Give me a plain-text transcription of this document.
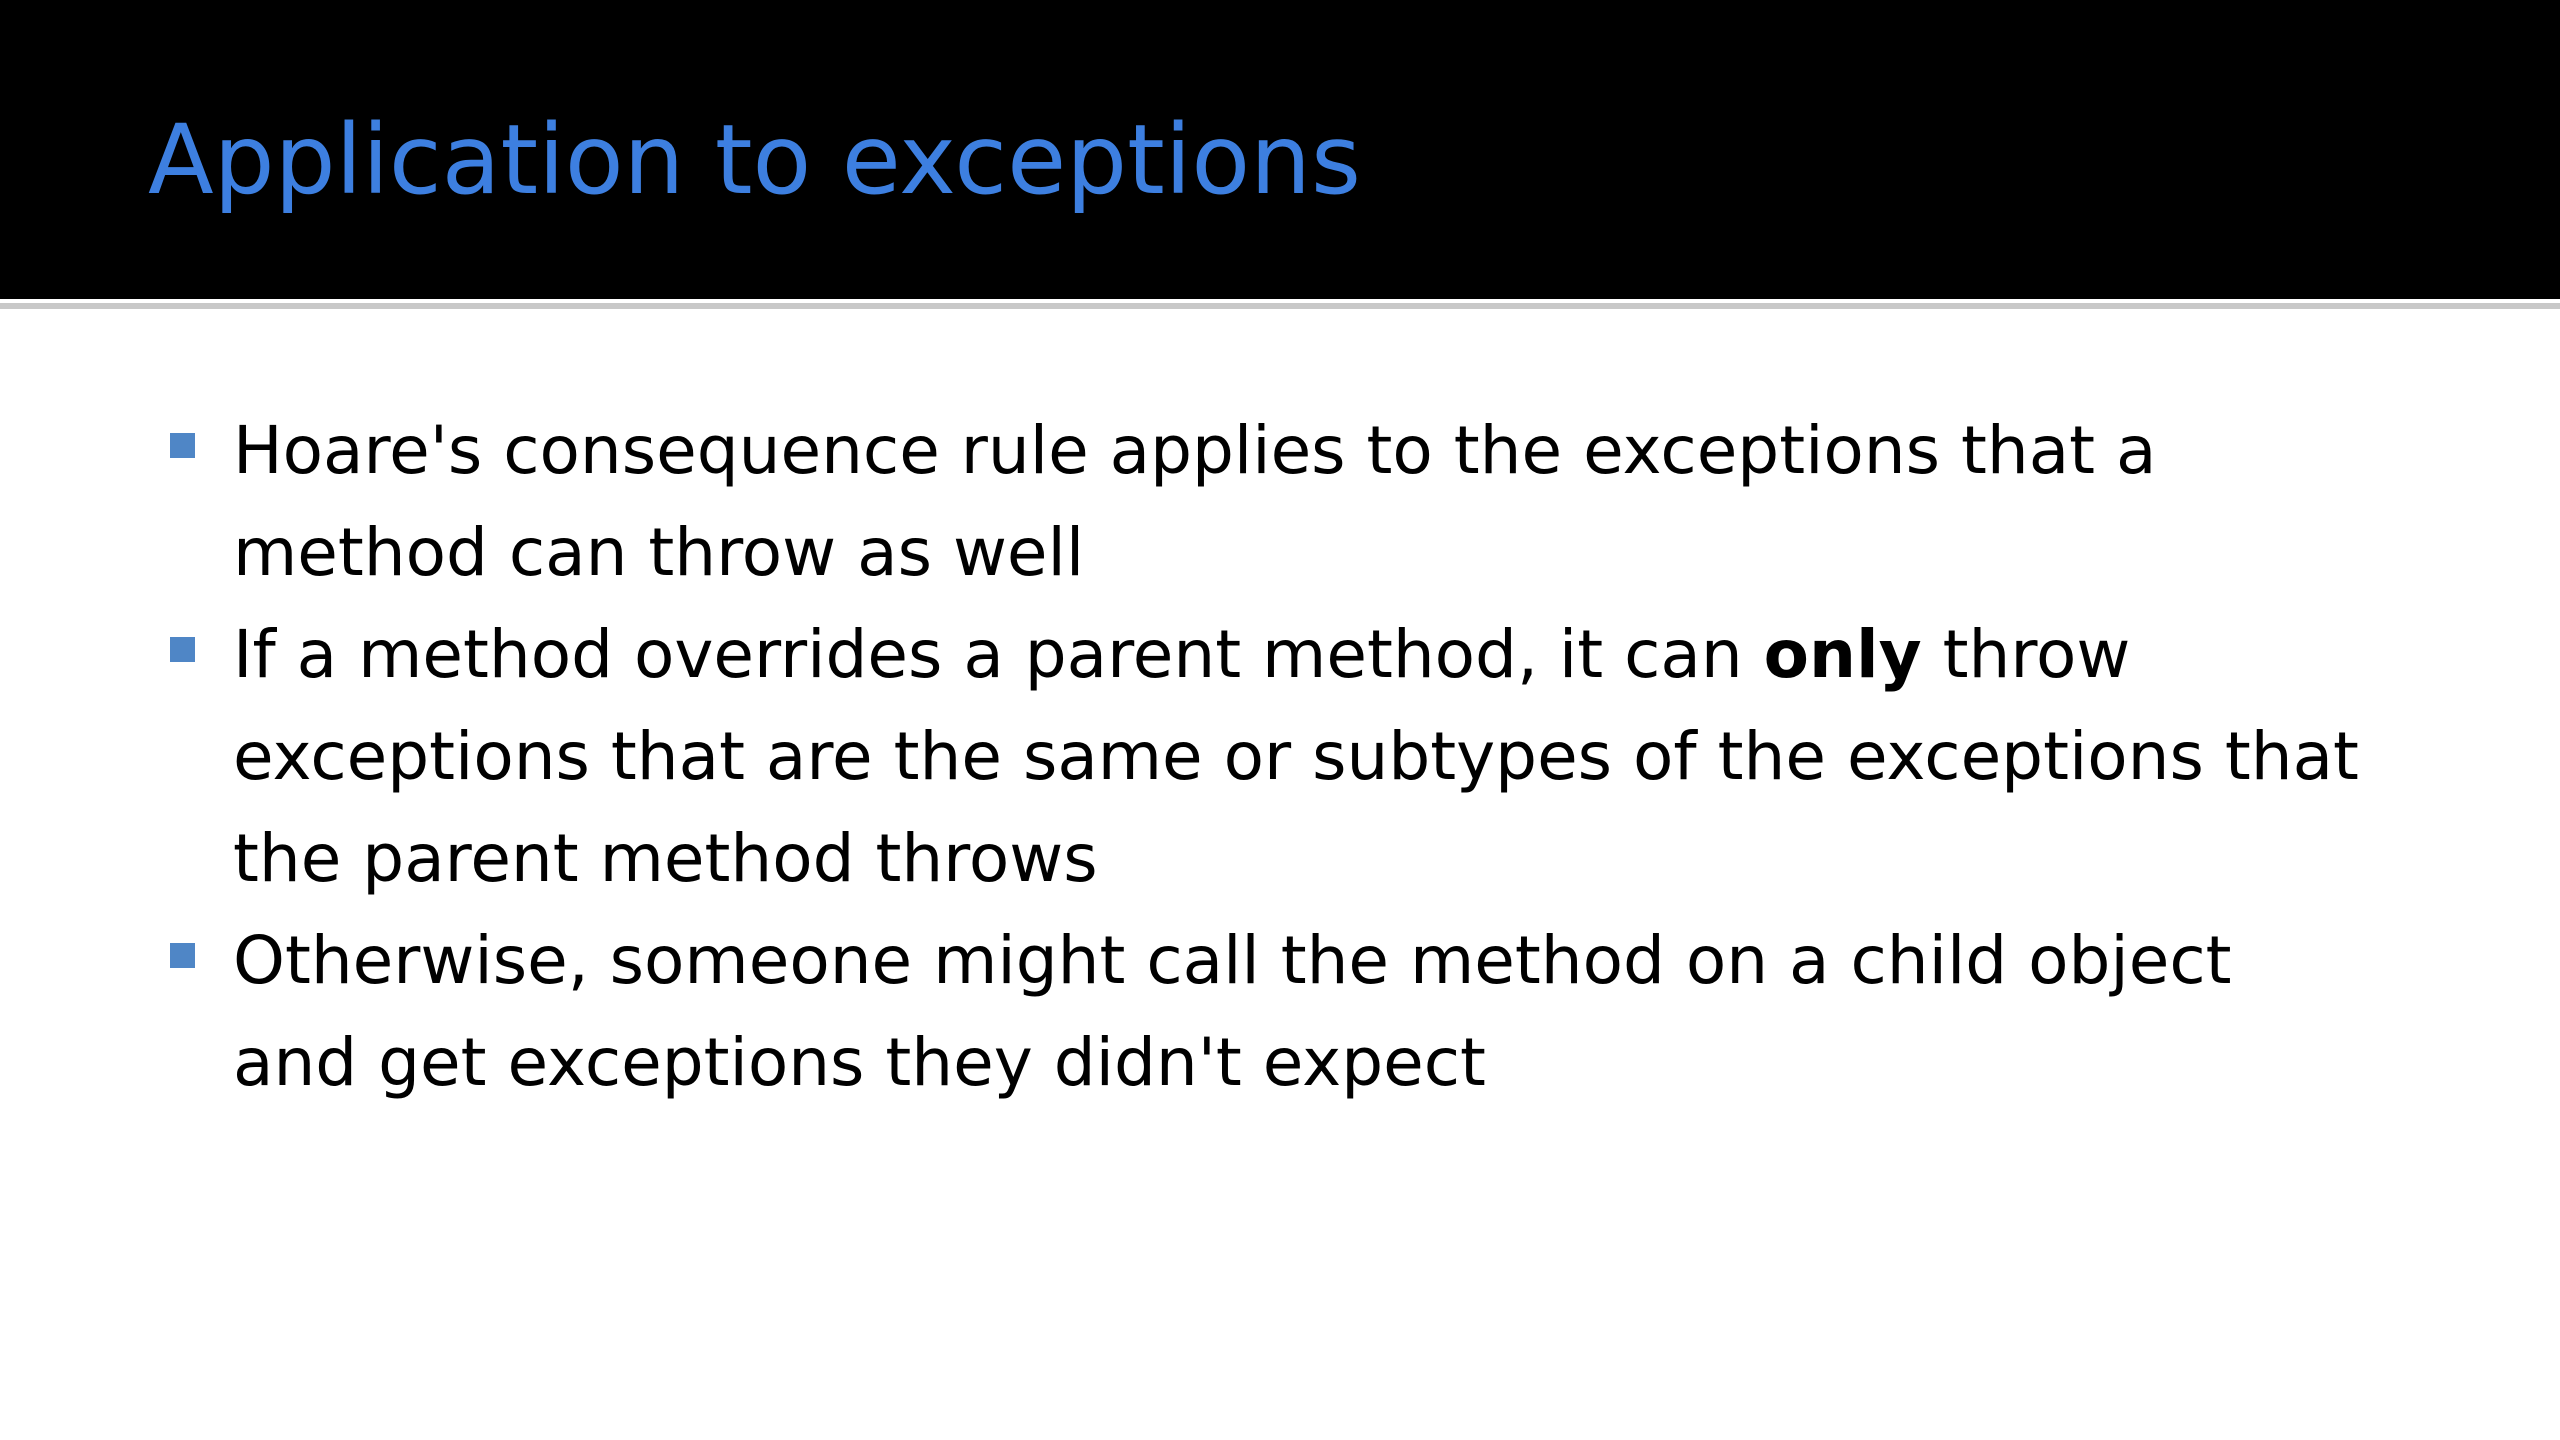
Application to exceptions
Hoare's consequence rule applies to the exceptions that a method can throw as well
If a method overrides a parent method, it can only throw exceptions that are the same or subtypes of the exceptions that the parent method throws
Otherwise, someone might call the method on a child object and get exceptions they didn't expect
